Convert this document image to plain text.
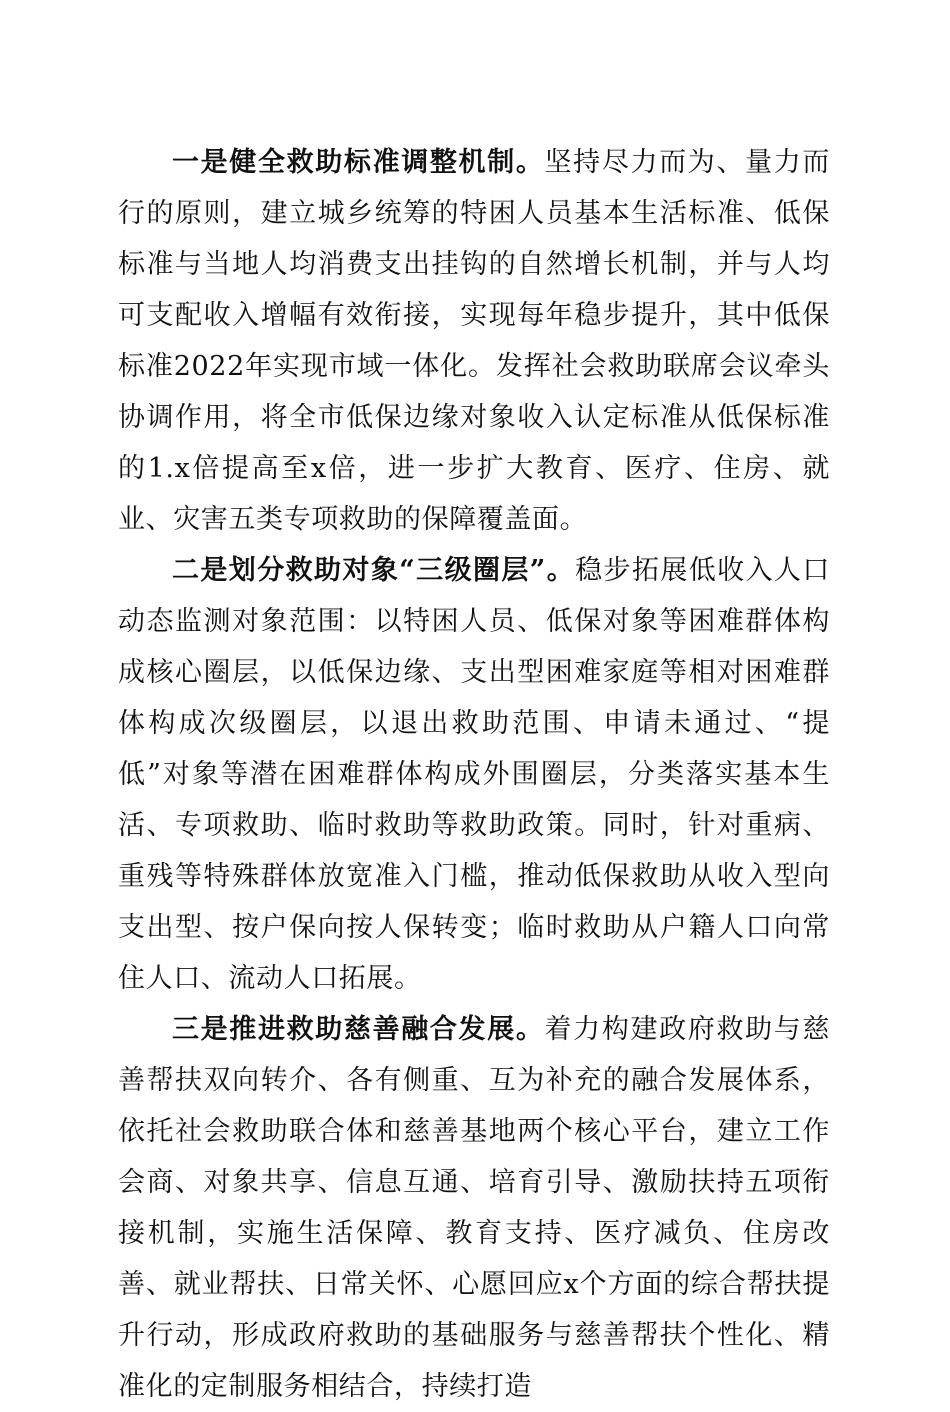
一是健全救助标准调整机制。坚持尽力而为、量力而行的原则，建立城乡统筹的特困人员基本生活标准、低保标准与当地人均消费支出挂钩的自然增长机制，并与人均可支配收入增幅有效衔接，实现每年稳步提升，其中低保标准2022年实现市域一体化。发挥社会救助联席会议牵头协调作用，将全市低保边缘对象收入认定标准从低保标准的1.x倍提高至x倍，进一步扩大教育、医疗、住房、就业、灾害五类专项救助的保障覆盖面。

二是划分救助对象“三级圈层”。稳步拓展低收入人口动态监测对象范围：以特困人员、低保对象等困难群体构成核心圈层，以低保边缘、支出型困难家庭等相对困难群体构成次级圈层，以退出救助范围、申请未通过、“提低”对象等潜在困难群体构成外围圈层，分类落实基本生活、专项救助、临时救助等救助政策。同时，针对重病、重残等特殊群体放宽准入门槛，推动低保救助从收入型向支出型、按户保向按人保转变；临时救助从户籍人口向常住人口、流动人口拓展。

三是推进救助慈善融合发展。着力构建政府救助与慈善帮扶双向转介、各有侧重、互为补充的融合发展体系，依托社会救助联合体和慈善基地两个核心平台，建立工作会商、对象共享、信息互通、培育引导、激励扶持五项衔接机制，实施生活保障、教育支持、医疗减负、住房改善、就业帮扶、日常关怀、心愿回应x个方面的综合帮扶提升行动，形成政府救助的基础服务与慈善帮扶个性化、精准化的定制服务相结合，持续打造
